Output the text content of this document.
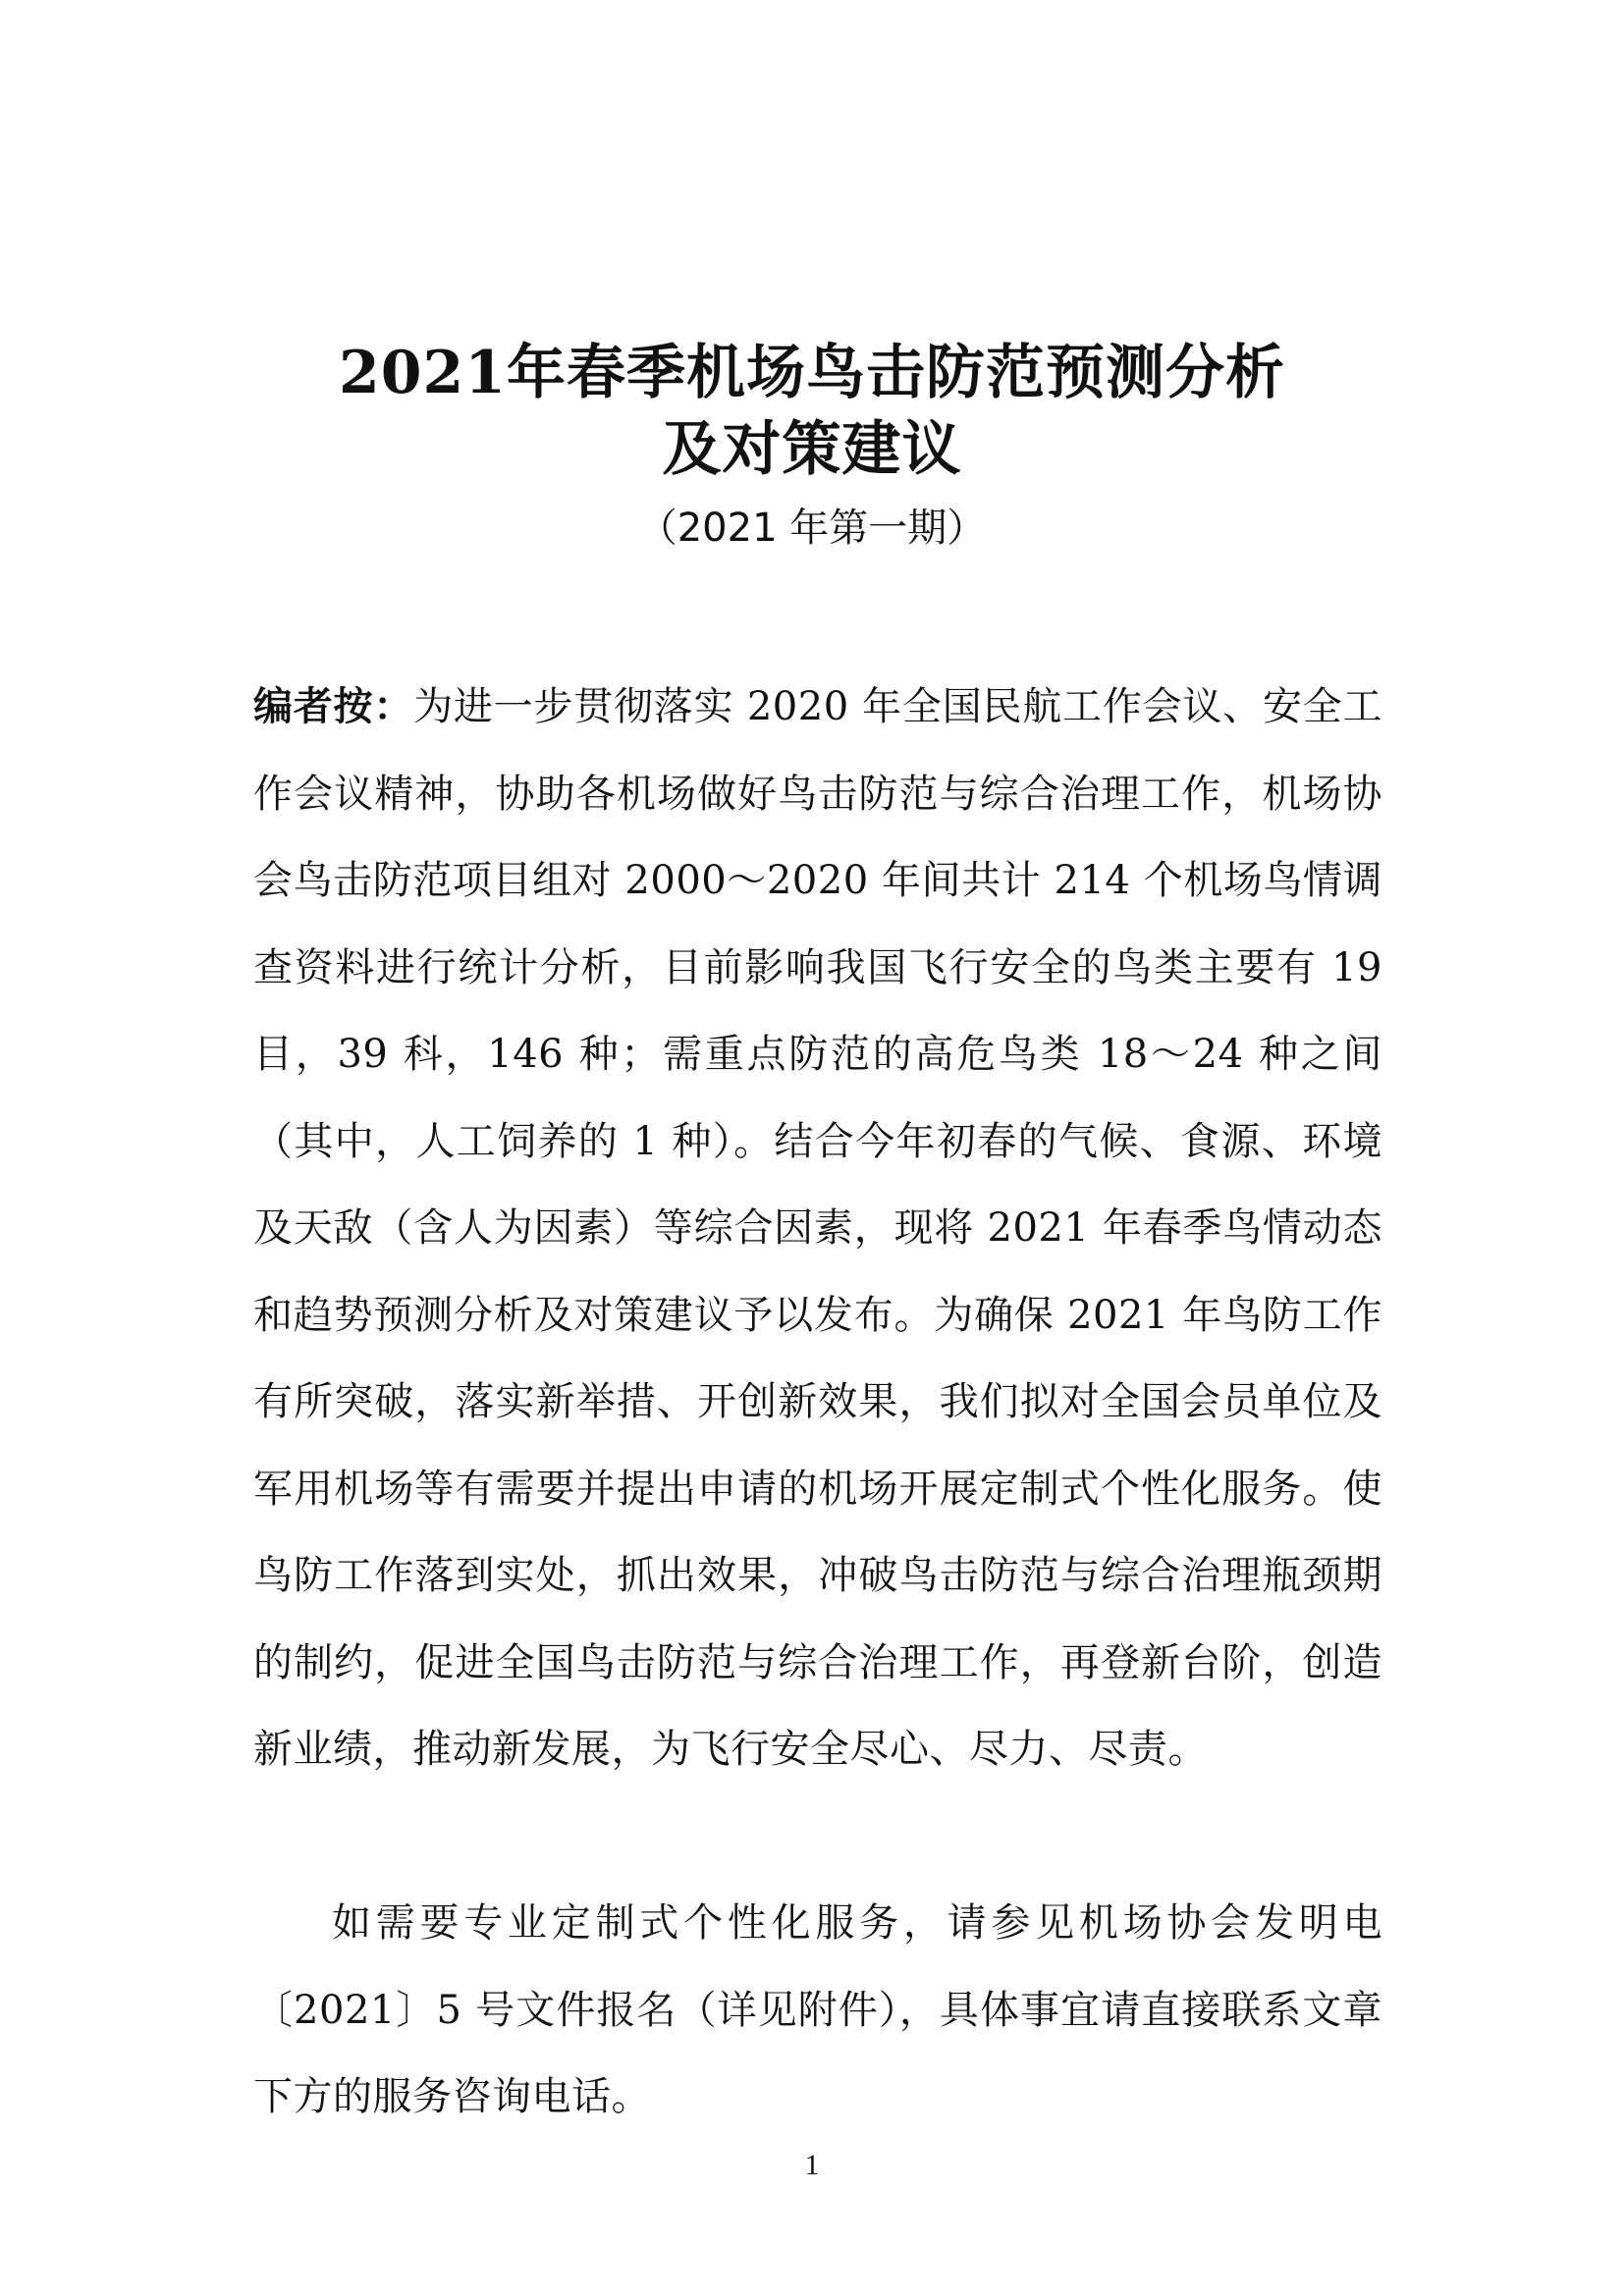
2021年春季机场鸟击防范预测分析
及对策建议
（2021 年第一期）
编者按：为进一步贯彻落实 2020 年全国民航工作会议、安全工作会议精神，协助各机场做好鸟击防范与综合治理工作，机场协会鸟击防范项目组对 2000～2020 年间共计 214 个机场鸟情调查资料进行统计分析，目前影响我国飞行安全的鸟类主要有 19 目，39 科，146 种；需重点防范的高危鸟类 18～24 种之间（其中，人工饲养的 1 种）。结合今年初春的气候、食源、环境及天敌（含人为因素）等综合因素，现将 2021 年春季鸟情动态和趋势预测分析及对策建议予以发布。为确保 2021 年鸟防工作有所突破，落实新举措、开创新效果，我们拟对全国会员单位及军用机场等有需要并提出申请的机场开展定制式个性化服务。使鸟防工作落到实处，抓出效果，冲破鸟击防范与综合治理瓶颈期的制约，促进全国鸟击防范与综合治理工作，再登新台阶，创造新业绩，推动新发展，为飞行安全尽心、尽力、尽责。
如需要专业定制式个性化服务，请参见机场协会发明电〔2021〕5 号文件报名（详见附件），具体事宜请直接联系文章下方的服务咨询电话。
1
